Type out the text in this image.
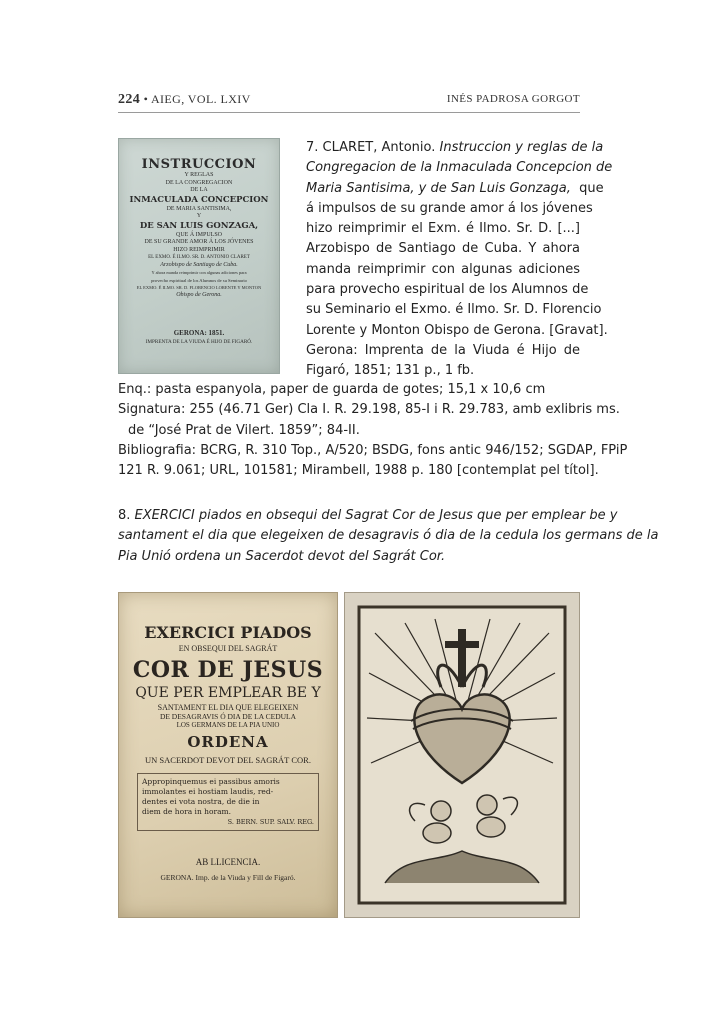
224 • AIEG, VOL. LXIV	INÉS PADROSA GORGOT
INSTRUCCION
Y REGLAS
DE LA CONGREGACION
DE LA
INMACULADA CONCEPCION
DE MARIA SANTISIMA,
Y
DE SAN LUIS GONZAGA,
QUE Á IMPULSO
DE SU GRANDE AMOR Á LOS JÓVENES
HIZO REIMPRIMIR
EL EXMO. É ILMO. SR. D. ANTONIO CLARET
Arzobispo de Santiago de Cuba.
Y ahora manda reimprimir con algunas adiciones para
provecho espiritual de los Alumnos de su Seminario
EL EXMO. É ILMO. SR. D. FLORENCIO LORENTE Y MONTON
Obispo de Gerona.
GERONA: 1851.
IMPRENTA DE LA VIUDA É HIJO DE FIGARÓ.
7. CLARET, Antonio. Instruccion y reglas de la
Congregacion de la Inmaculada Concepcion de
Maria Santisima, y de San Luis Gonzaga,  que
á impulsos de su grande amor á los jóvenes
hizo reimprimir el Exm. é Ilmo. Sr. D. [...]
Arzobispo de Santiago de Cuba. Y ahora
manda reimprimir con algunas adiciones
para provecho espiritual de los Alumnos de
su Seminario el Exmo. é Ilmo. Sr. D. Florencio
Lorente y Monton Obispo de Gerona. [Gravat].
Gerona: Imprenta de la Viuda é Hijo de
Figaró, 1851; 131 p., 1 fb.
Enq.: pasta espanyola, paper de guarda de gotes; 15,1 x 10,6 cm
Signatura: 255 (46.71 Ger) Cla I. R. 29.198, 85-I i R. 29.783, amb exlibris ms.
de “José Prat de Vilert. 1859”; 84-II.
Bibliografia: BCRG, R. 310 Top., A/520; BSDG, fons antic 946/152; SGDAP, FPiP
121 R. 9.061; URL, 101581; Mirambell, 1988 p. 180 [contemplat pel títol].
8. EXERCICI piados en obsequi del Sagrat Cor de Jesus que per emplear be y
santament el dia que elegeixen de desagravis ó dia de la cedula los germans de la
Pia Unió ordena un Sacerdot devot del Sagrát Cor.
EXERCICI PIADOS
EN OBSEQUI DEL SAGRÁT
COR DE JESUS
QUE PER EMPLEAR BE Y
SANTAMENT EL DIA QUE ELEGEIXEN
DE DESAGRAVIS Ó DIA DE LA CEDULA
LOS GERMANS DE LA PIA UNIO
ORDENA
UN SACERDOT DEVOT DEL SAGRÁT COR.
Appropinquemus ei passibus amoris
immolantes ei hostiam laudis, red-
dentes ei vota nostra, de die in
diem de hora in horam.
S. BERN. SUP. SALV. REG.
AB LLICENCIA.
GERONA. Imp. de la Viuda y Fill de Figaró.
